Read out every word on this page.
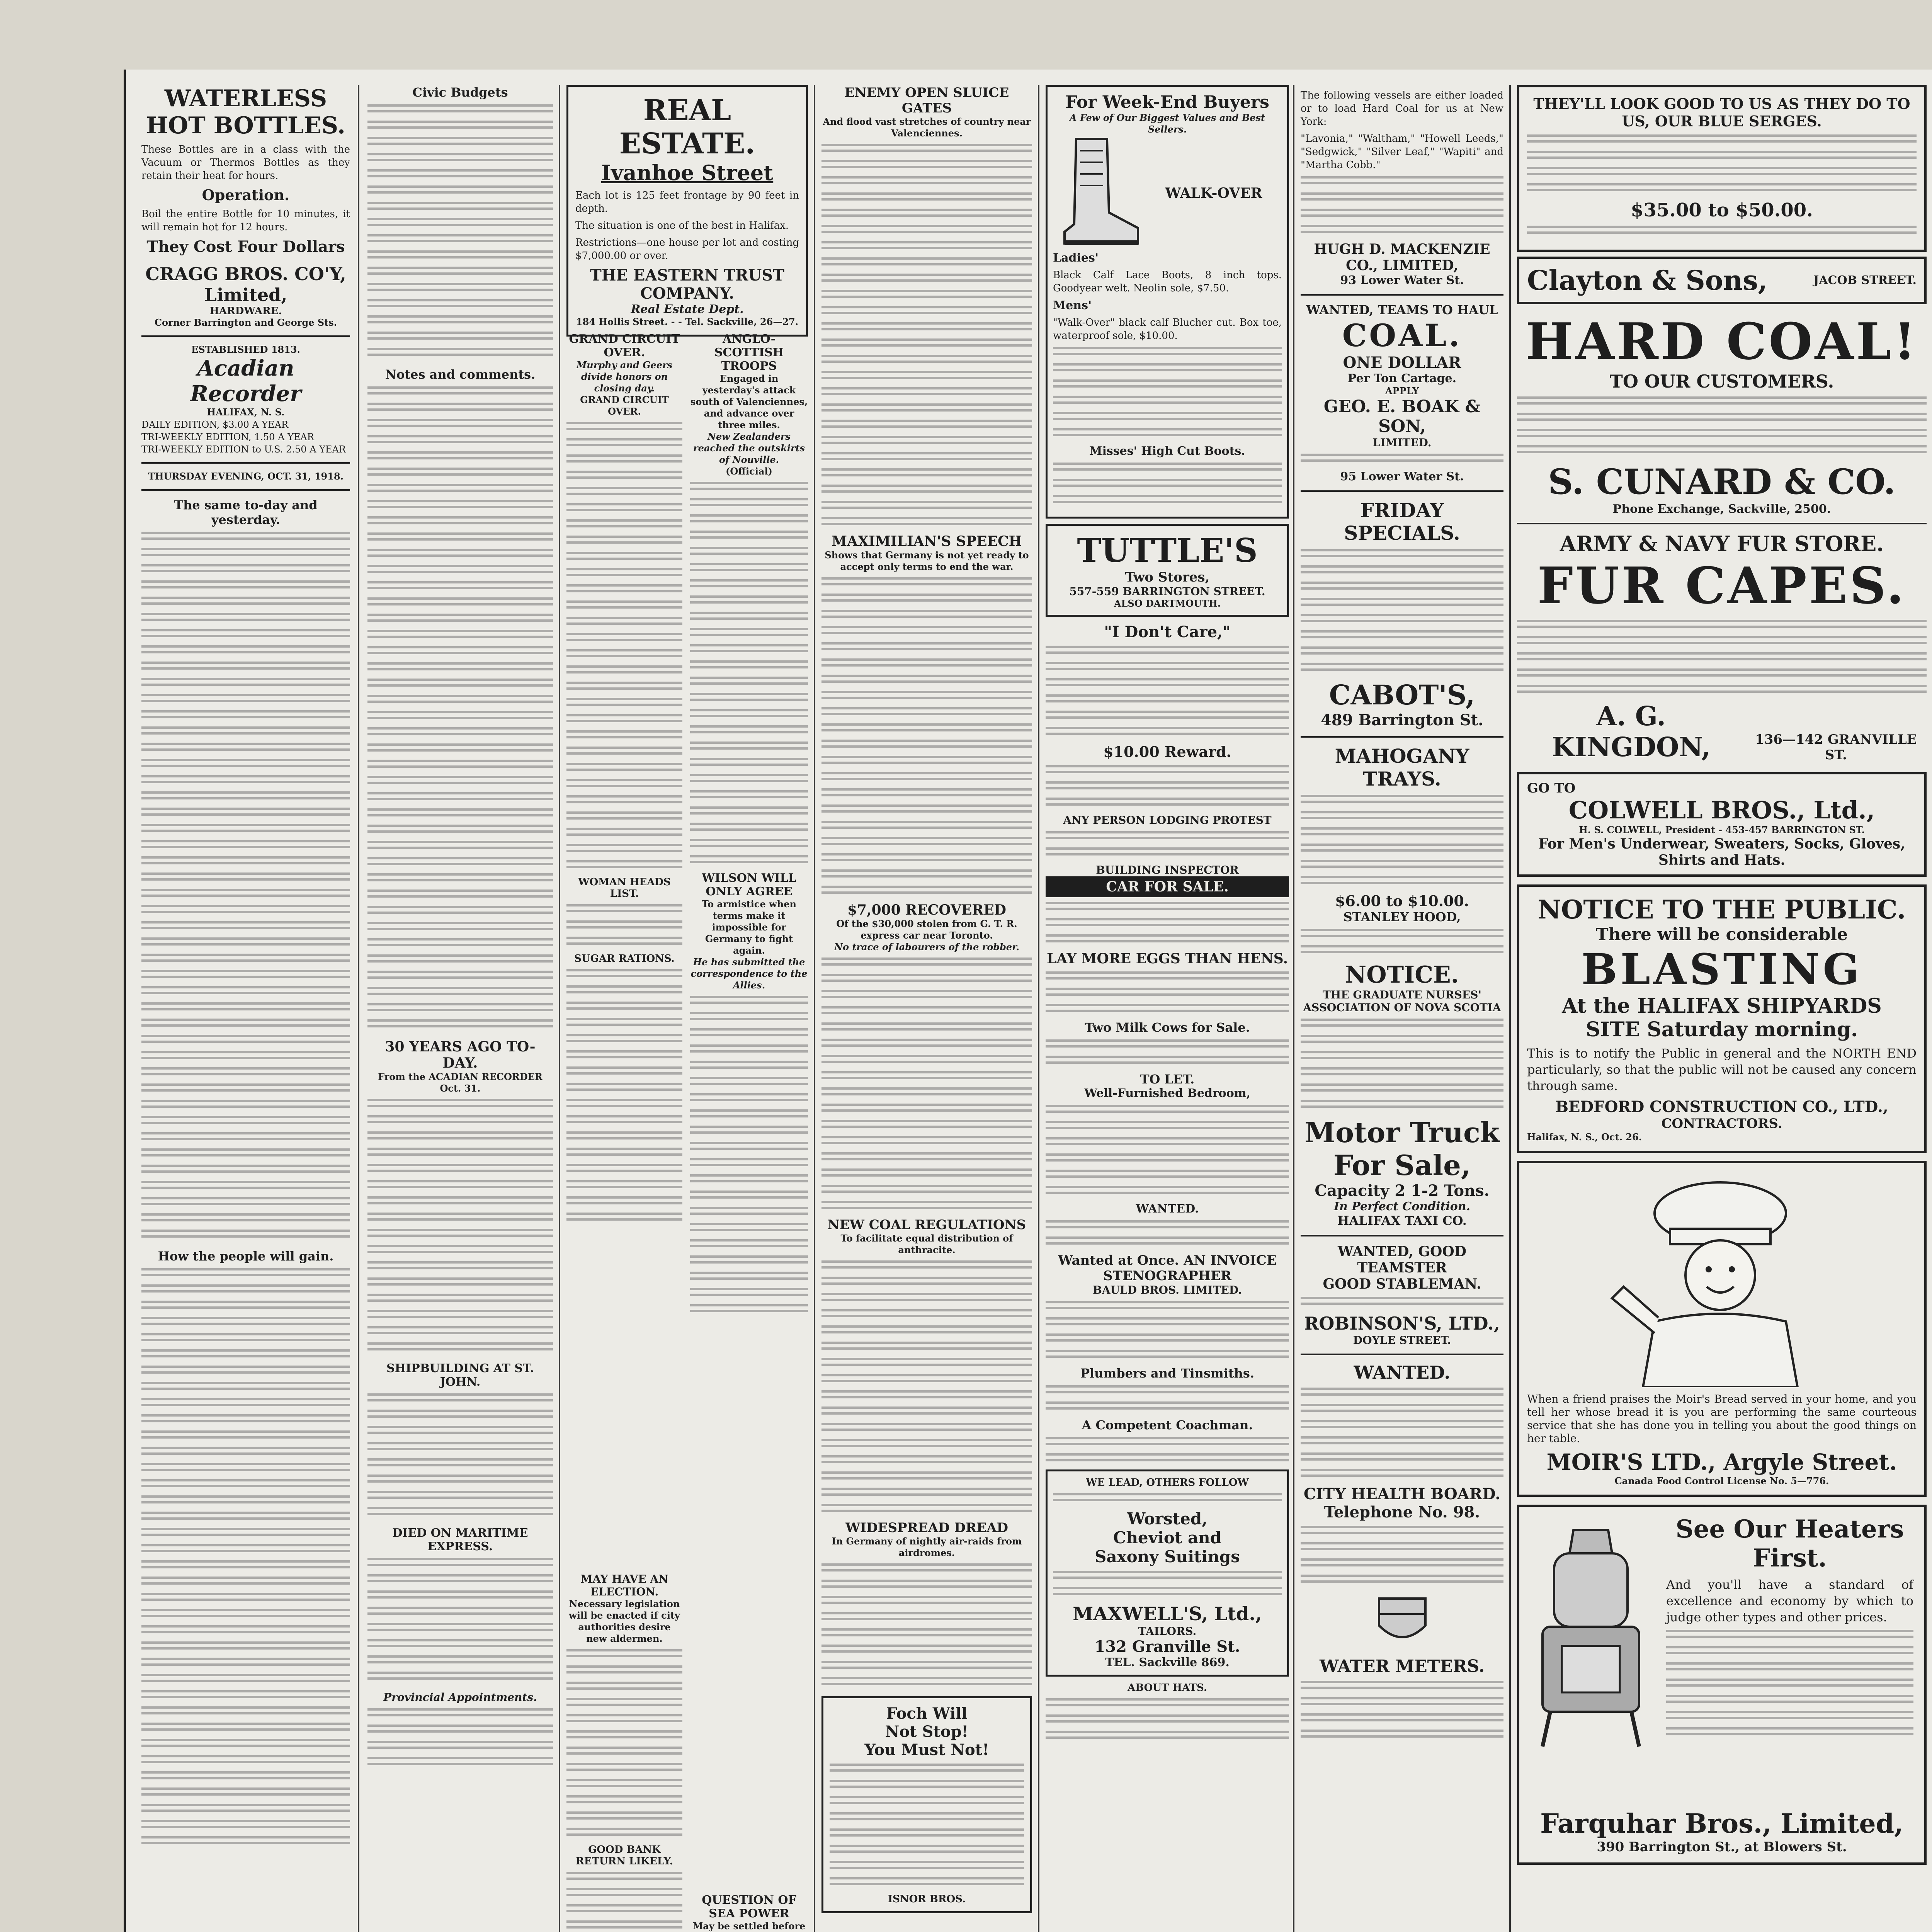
WATERLESS HOT BOTTLES.

These Bottles are in a class with the Vacuum or Thermos Bottles as they retain their heat for hours.

Operation.

Boil the entire Bottle for 10 minutes, it will remain hot for 12 hours.

They Cost Four Dollars

CRAGG BROS. CO'Y, Limited,

HARDWARE.

Corner Barrington and George Sts.

ESTABLISHED 1813.

Acadian Recorder

HALIFAX, N. S.

DAILY EDITION, $3.00 A YEAR

TRI-WEEKLY EDITION, 1.50 A YEAR

TRI-WEEKLY EDITION to U.S. 2.50 A YEAR

THURSDAY EVENING, OCT. 31, 1918.

The same to-day and yesterday.

How the people will gain.

Civic Budgets

Notes and comments.

30 YEARS AGO TO-DAY.

From the ACADIAN RECORDER Oct. 31.

SHIPBUILDING AT ST. JOHN.

DIED ON MARITIME EXPRESS.

Provincial Appointments.

REAL ESTATE.

Ivanhoe Street

Each lot is 125 feet frontage by 90 feet in depth.

The situation is one of the best in Halifax.

Restrictions—one house per lot and costing $7,000.00 or over.

THE EASTERN TRUST COMPANY.

Real Estate Dept.

184 Hollis Street. - - Tel. Sackville, 26—27.

GRAND CIRCUIT OVER.

Murphy and Geers divide honors on closing day.

GRAND CIRCUIT OVER.

WOMAN HEADS LIST.

SUGAR RATIONS.

ANGLO-SCOTTISH TROOPS

Engaged in yesterday's attack south of Valenciennes, and advance over three miles.

New Zealanders reached the outskirts of Nouville.

(Official)

WILSON WILL ONLY AGREE

To armistice when terms make it impossible for Germany to fight again.

He has submitted the correspondence to the Allies.

MAY HAVE AN ELECTION.

Necessary legislation will be enacted if city authorities desire new aldermen.

GOOD BANK RETURN LIKELY.

QUESTION OF SEA POWER

May be settled before

ENEMY OPEN SLUICE GATES

And flood vast stretches of country near Valenciennes.

MAXIMILIAN'S SPEECH

Shows that Germany is not yet ready to accept only terms to end the war.

$7,000 RECOVERED

Of the $30,000 stolen from G. T. R. express car near Toronto.

No trace of labourers of the robber.

NEW COAL REGULATIONS

To facilitate equal distribution of anthracite.

WIDESPREAD DREAD

In Germany of nightly air-raids from airdromes.

Foch Will

Not Stop!

You Must Not!

ISNOR BROS.

For Week-End Buyers

A Few of Our Biggest Values and Best Sellers.

WALK-OVER

Ladies'

Black Calf Lace Boots, 8 inch tops. Goodyear welt. Neolin sole, $7.50.

Mens'

"Walk-Over" black calf Blucher cut. Box toe, waterproof sole, $10.00.

Misses' High Cut Boots.

TUTTLE'S

Two Stores,

557-559 BARRINGTON STREET.

ALSO DARTMOUTH.

"I Don't Care,"

$10.00 Reward.

ANY PERSON LODGING PROTEST

BUILDING INSPECTOR

CAR FOR SALE.

LAY MORE EGGS THAN HENS.

Two Milk Cows for Sale.

TO LET.

Well-Furnished Bedroom,

WANTED.

Wanted at Once. AN INVOICE STENOGRAPHER

BAULD BROS. LIMITED.

Plumbers and Tinsmiths.

A Competent Coachman.

WE LEAD, OTHERS FOLLOW

Worsted,

Cheviot and

Saxony Suitings

MAXWELL'S, Ltd.,

TAILORS.

132 Granville St.

TEL. Sackville 869.

ABOUT HATS.

The following vessels are either loaded or to load Hard Coal for us at New York:

"Lavonia," "Waltham," "Howell Leeds," "Sedgwick," "Silver Leaf," "Wapiti" and "Martha Cobb."

HUGH D. MACKENZIE CO., LIMITED,

93 Lower Water St.

WANTED, TEAMS TO HAUL

COAL.

ONE DOLLAR

Per Ton Cartage.

APPLY

GEO. E. BOAK & SON,

LIMITED.

95 Lower Water St.

FRIDAY SPECIALS.

CABOT'S,

489 Barrington St.

MAHOGANY TRAYS.

$6.00 to $10.00.

STANLEY HOOD,

NOTICE.

THE GRADUATE NURSES' ASSOCIATION OF NOVA SCOTIA

Motor Truck

For Sale,

Capacity 2 1-2 Tons.

In Perfect Condition.

HALIFAX TAXI CO.

WANTED, GOOD TEAMSTER

GOOD STABLEMAN.

ROBINSON'S, LTD.,

DOYLE STREET.

WANTED.

CITY HEALTH BOARD.

Telephone No. 98.

WATER METERS.

THEY'LL LOOK GOOD TO US AS THEY DO TO US, OUR BLUE SERGES.

$35.00 to $50.00.

Clayton & Sons,	JACOB STREET.

HARD COAL!

TO OUR CUSTOMERS.

S. CUNARD & CO.

Phone Exchange, Sackville, 2500.

ARMY & NAVY FUR STORE.

FUR CAPES.

A. G. KINGDON,	136—142 GRANVILLE ST.

GO TO

COLWELL BROS., Ltd.,

H. S. COLWELL, President - 453-457 BARRINGTON ST.

For Men's Underwear, Sweaters, Socks, Gloves, Shirts and Hats.

NOTICE TO THE PUBLIC.

There will be considerable

BLASTING

At the HALIFAX SHIPYARDS

SITE Saturday morning.

This is to notify the Public in general and the NORTH END particularly, so that the public will not be caused any concern through same.

BEDFORD CONSTRUCTION CO., LTD.,

CONTRACTORS.

Halifax, N. S., Oct. 26.

When a friend praises the Moir's Bread served in your home, and you tell her whose bread it is you are performing the same courteous service that she has done you in telling you about the good things on her table.

MOIR'S LTD., Argyle Street.

Canada Food Control License No. 5—776.

See Our Heaters First.

And you'll have a standard of excellence and economy by which to judge other types and other prices.

Farquhar Bros., Limited,

390 Barrington St., at Blowers St.
